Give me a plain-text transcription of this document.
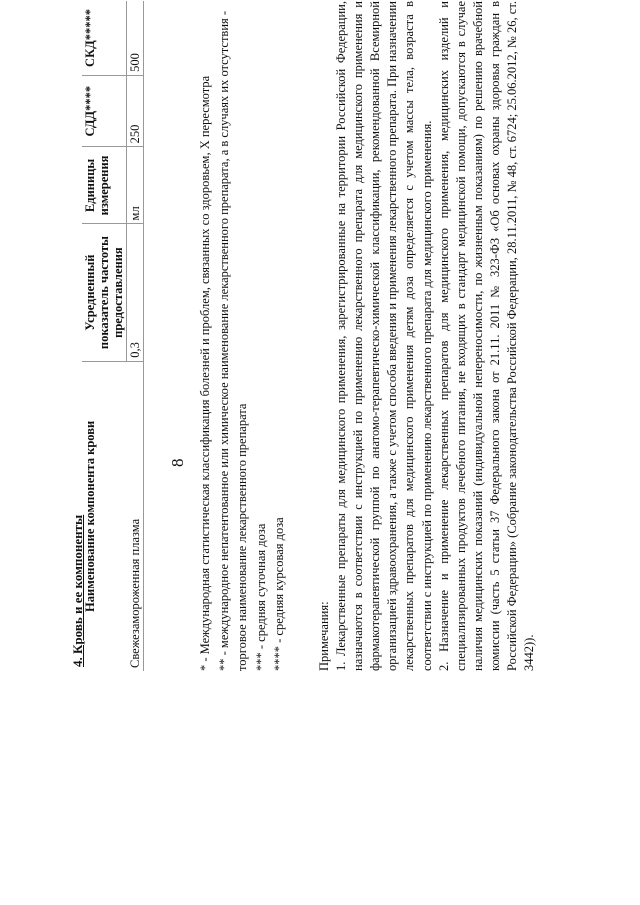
8
4. Кровь и ее компоненты
Наименование компонента крови	Усредненный показатель частоты предоставления	Единицы измерения	СДД****	СКД*****
Свежезамороженная плазма	0,3	мл	250	500
* - Международная статистическая классификация болезней и проблем, связанных со здоровьем, X пересмотра ** - международное непатентованное или химическое наименование лекарственного препарата, а в случаях их отсутствия - торговое наименование лекарственного препарата *** - средняя суточная доза **** - средняя курсовая доза Примечания: 1. Лекарственные препараты для медицинского применения, зарегистрированные на территории Российской Федерации, назначаются в соответствии с инструкцией по применению лекарственного препарата для медицинского применения и фармакотерапевтической группой по анатомо-терапевтическо-химической классификации, рекомендованной Всемирной организацией здравоохранения, а также с учетом способа введения и применения лекарственного препарата. При назначении лекарственных препаратов для медицинского применения детям доза определяется с учетом массы тела, возраста в соответствии с инструкцией по применению лекарственного препарата для медицинского применения. 2. Назначение и применение лекарственных препаратов для медицинского применения, медицинских изделий и специализированных продуктов лечебного питания, не входящих в стандарт медицинской помощи, допускаются в случае наличия медицинских показаний (индивидуальной непереносимости, по жизненным показаниям) по решению врачебной комиссии (часть 5 статьи 37 Федерального закона от 21.11. 2011 № 323-ФЗ «Об основах охраны здоровья граждан в Российской Федерации» (Собрание законодательства Российской Федерации, 28.11.2011, № 48, ст. 6724; 25.06.2012, № 26, ст. 3442)).
